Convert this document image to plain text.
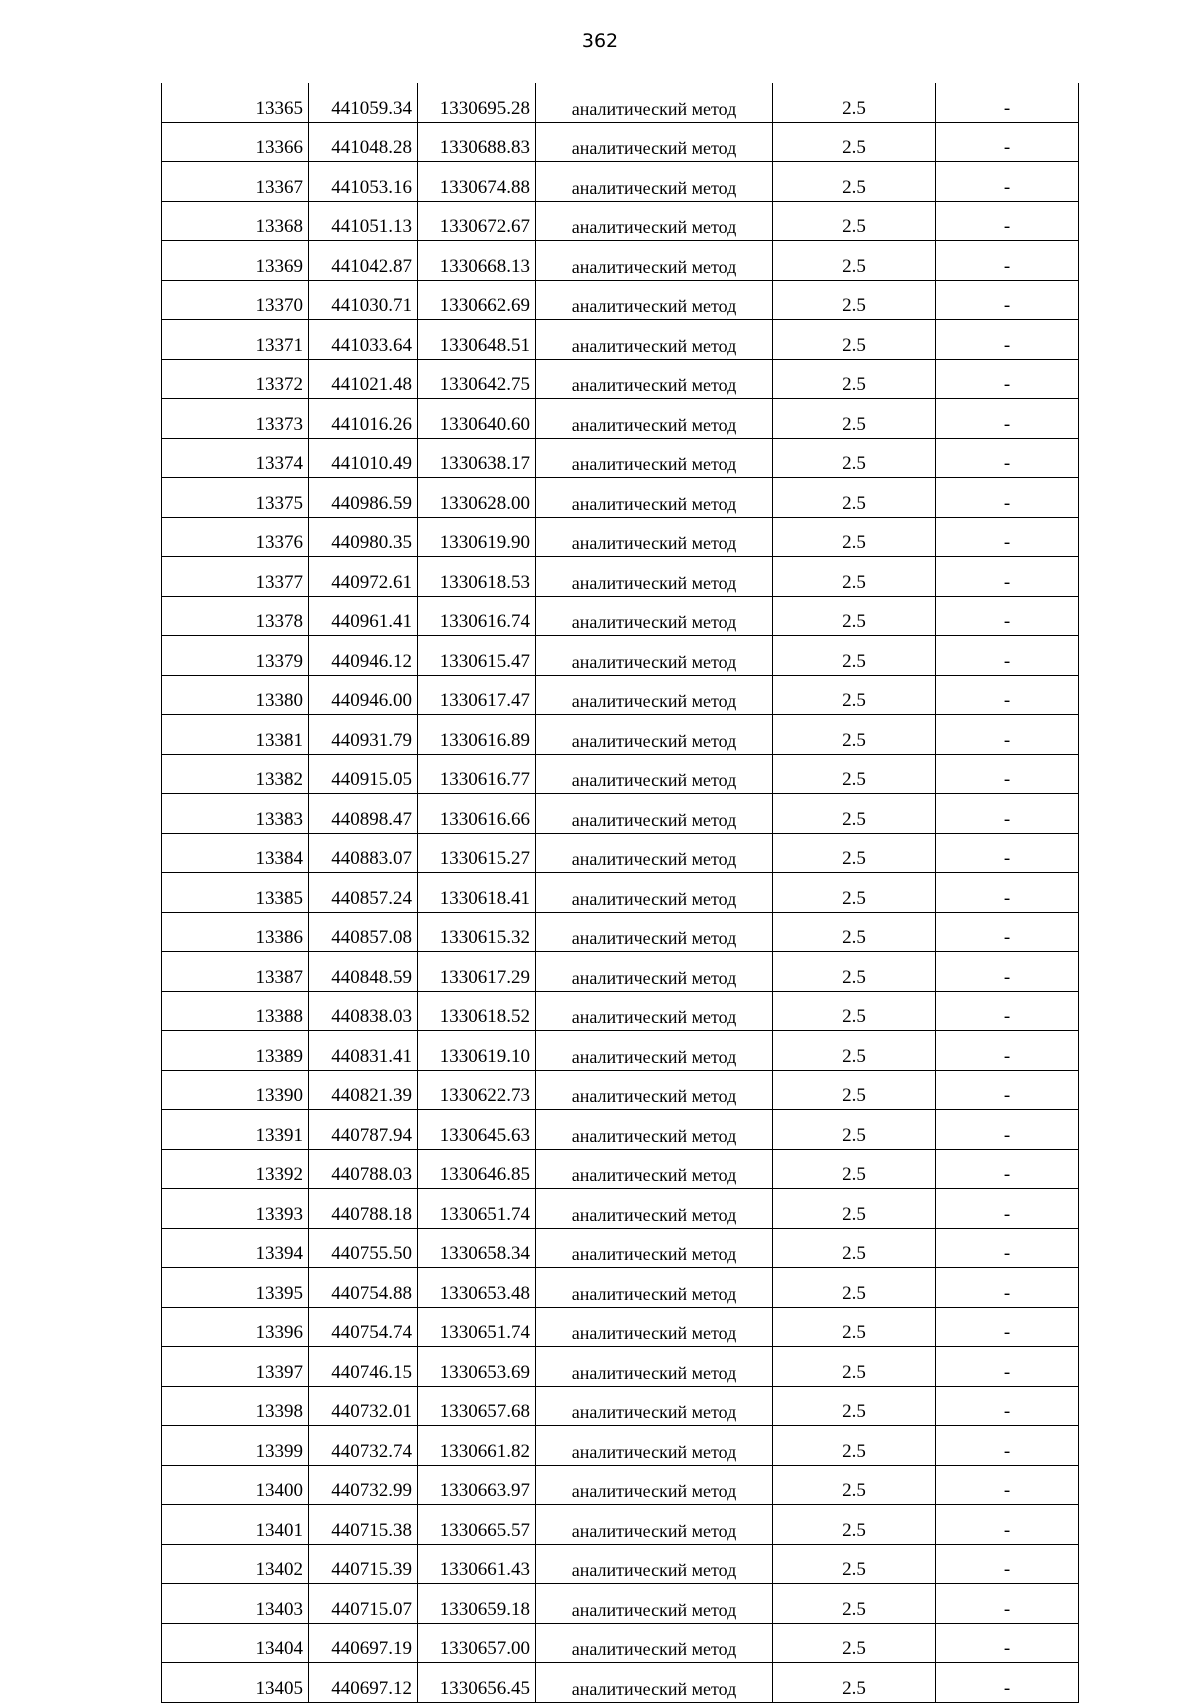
362
13365	441059.34	1330695.28	аналитический метод	2.5	-
13366	441048.28	1330688.83	аналитический метод	2.5	-
13367	441053.16	1330674.88	аналитический метод	2.5	-
13368	441051.13	1330672.67	аналитический метод	2.5	-
13369	441042.87	1330668.13	аналитический метод	2.5	-
13370	441030.71	1330662.69	аналитический метод	2.5	-
13371	441033.64	1330648.51	аналитический метод	2.5	-
13372	441021.48	1330642.75	аналитический метод	2.5	-
13373	441016.26	1330640.60	аналитический метод	2.5	-
13374	441010.49	1330638.17	аналитический метод	2.5	-
13375	440986.59	1330628.00	аналитический метод	2.5	-
13376	440980.35	1330619.90	аналитический метод	2.5	-
13377	440972.61	1330618.53	аналитический метод	2.5	-
13378	440961.41	1330616.74	аналитический метод	2.5	-
13379	440946.12	1330615.47	аналитический метод	2.5	-
13380	440946.00	1330617.47	аналитический метод	2.5	-
13381	440931.79	1330616.89	аналитический метод	2.5	-
13382	440915.05	1330616.77	аналитический метод	2.5	-
13383	440898.47	1330616.66	аналитический метод	2.5	-
13384	440883.07	1330615.27	аналитический метод	2.5	-
13385	440857.24	1330618.41	аналитический метод	2.5	-
13386	440857.08	1330615.32	аналитический метод	2.5	-
13387	440848.59	1330617.29	аналитический метод	2.5	-
13388	440838.03	1330618.52	аналитический метод	2.5	-
13389	440831.41	1330619.10	аналитический метод	2.5	-
13390	440821.39	1330622.73	аналитический метод	2.5	-
13391	440787.94	1330645.63	аналитический метод	2.5	-
13392	440788.03	1330646.85	аналитический метод	2.5	-
13393	440788.18	1330651.74	аналитический метод	2.5	-
13394	440755.50	1330658.34	аналитический метод	2.5	-
13395	440754.88	1330653.48	аналитический метод	2.5	-
13396	440754.74	1330651.74	аналитический метод	2.5	-
13397	440746.15	1330653.69	аналитический метод	2.5	-
13398	440732.01	1330657.68	аналитический метод	2.5	-
13399	440732.74	1330661.82	аналитический метод	2.5	-
13400	440732.99	1330663.97	аналитический метод	2.5	-
13401	440715.38	1330665.57	аналитический метод	2.5	-
13402	440715.39	1330661.43	аналитический метод	2.5	-
13403	440715.07	1330659.18	аналитический метод	2.5	-
13404	440697.19	1330657.00	аналитический метод	2.5	-
13405	440697.12	1330656.45	аналитический метод	2.5	-
